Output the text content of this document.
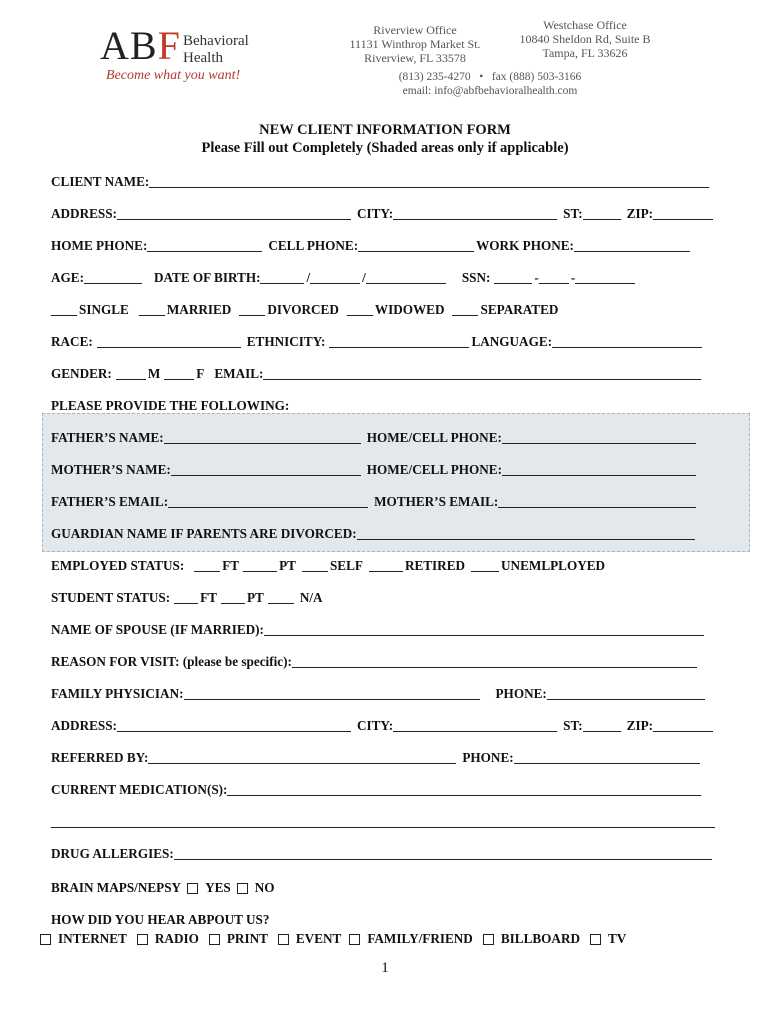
ABF Behavioral
Health
Become what you want!
Riverview Office
11131 Winthrop Market St.
Riverview, FL 33578
Westchase Office
10840 Sheldon Rd, Suite B
Tampa, FL 33626
(813) 235-4270   •   fax (888) 503-3166
email: info@abfbehavioralhealth.com
NEW CLIENT INFORMATION FORM
Please Fill out Completely (Shaded areas only if applicable)
CLIENT NAME:
ADDRESS:	CITY:	ST:	ZIP:
HOME PHONE:	CELL PHONE:	WORK PHONE:
AGE:	DATE OF BIRTH:	/	/	SSN:	- -
SINGLE	MARRIED	DIVORCED	WIDOWED	SEPARATED
RACE:	ETHNICITY:	LANGUAGE:
GENDER:	M	F EMAIL:
PLEASE PROVIDE THE FOLLOWING:
FATHER’S NAME:	HOME/CELL PHONE:
MOTHER’S NAME:	HOME/CELL PHONE:
FATHER’S EMAIL:	MOTHER’S EMAIL:
GUARDIAN NAME IF PARENTS ARE DIVORCED:
EMPLOYED STATUS:	FT	PT	SELF	RETIRED	UNEMLPLOYED
STUDENT STATUS: FT PT	N/A
NAME OF SPOUSE (IF MARRIED):
REASON FOR VISIT: (please be specific):
FAMILY PHYSICIAN:	PHONE:
ADDRESS:	CITY:	ST:	ZIP:
REFERRED BY:	PHONE:
CURRENT MEDICATION(S):
DRUG ALLERGIES:
BRAIN MAPS/NEPSY YES NO
HOW DID YOU HEAR ABPOUT US?
INTERNET RADIO PRINT EVENT FAMILY/FRIEND BILLBOARD TV
1
